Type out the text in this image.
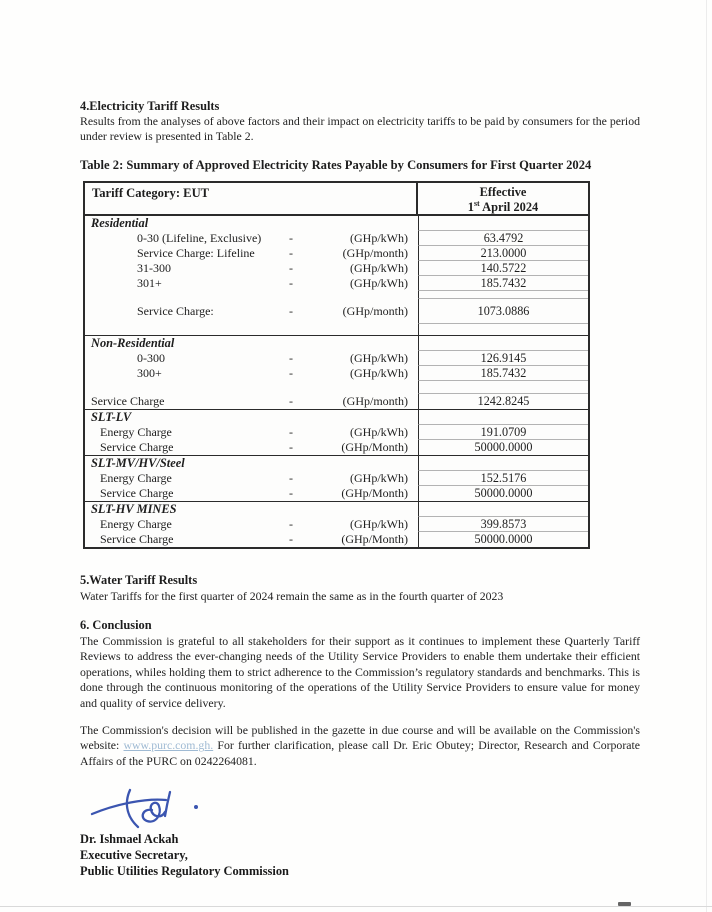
4.Electricity Tariff Results
Results from the analyses of above factors and their impact on electricity tariffs to be paid by consumers for the period under review is presented in Table 2.
Table 2: Summary of Approved Electricity Rates Payable by Consumers for First Quarter 2024
Tariff Category: EUT	Effective
1st April 2024
Residential
0-30 (Lifeline, Exclusive)	-	(GHp/kWh)	63.4792
Service Charge: Lifeline	-	(GHp/month)	213.0000
31-300	-	(GHp/kWh)	140.5722
301+	-	(GHp/kWh)	185.7432
Service Charge:	-	(GHp/month)	1073.0886
Non-Residential
0-300	-	(GHp/kWh)	126.9145
300+	-	(GHp/kWh)	185.7432
Service Charge	-	(GHp/month)	1242.8245
SLT-LV
Energy Charge	-	(GHp/kWh)	191.0709
Service Charge	-	(GHp/Month)	50000.0000
SLT-MV/HV/Steel
Energy Charge	-	(GHp/kWh)	152.5176
Service Charge	-	(GHp/Month)	50000.0000
SLT-HV MINES
Energy Charge	-	(GHp/kWh)	399.8573
Service Charge	-	(GHp/Month)	50000.0000
5.Water Tariff Results
Water Tariffs for the first quarter of 2024 remain the same as in the fourth quarter of 2023
6. Conclusion
The Commission is grateful to all stakeholders for their support as it continues to implement these Quarterly Tariff Reviews to address the ever-changing needs of the Utility Service Providers to enable them undertake their efficient operations, whiles holding them to strict adherence to the Commission’s regulatory standards and benchmarks. This is done through the continuous monitoring of the operations of the Utility Service Providers to ensure value for money and quality of service delivery.
The Commission's decision will be published in the gazette in due course and will be available on the Commission's website: www.purc.com.gh. For further clarification, please call Dr. Eric Obutey; Director, Research and Corporate Affairs of the PURC on 0242264081.
Dr. Ishmael Ackah
Executive Secretary,
Public Utilities Regulatory Commission
